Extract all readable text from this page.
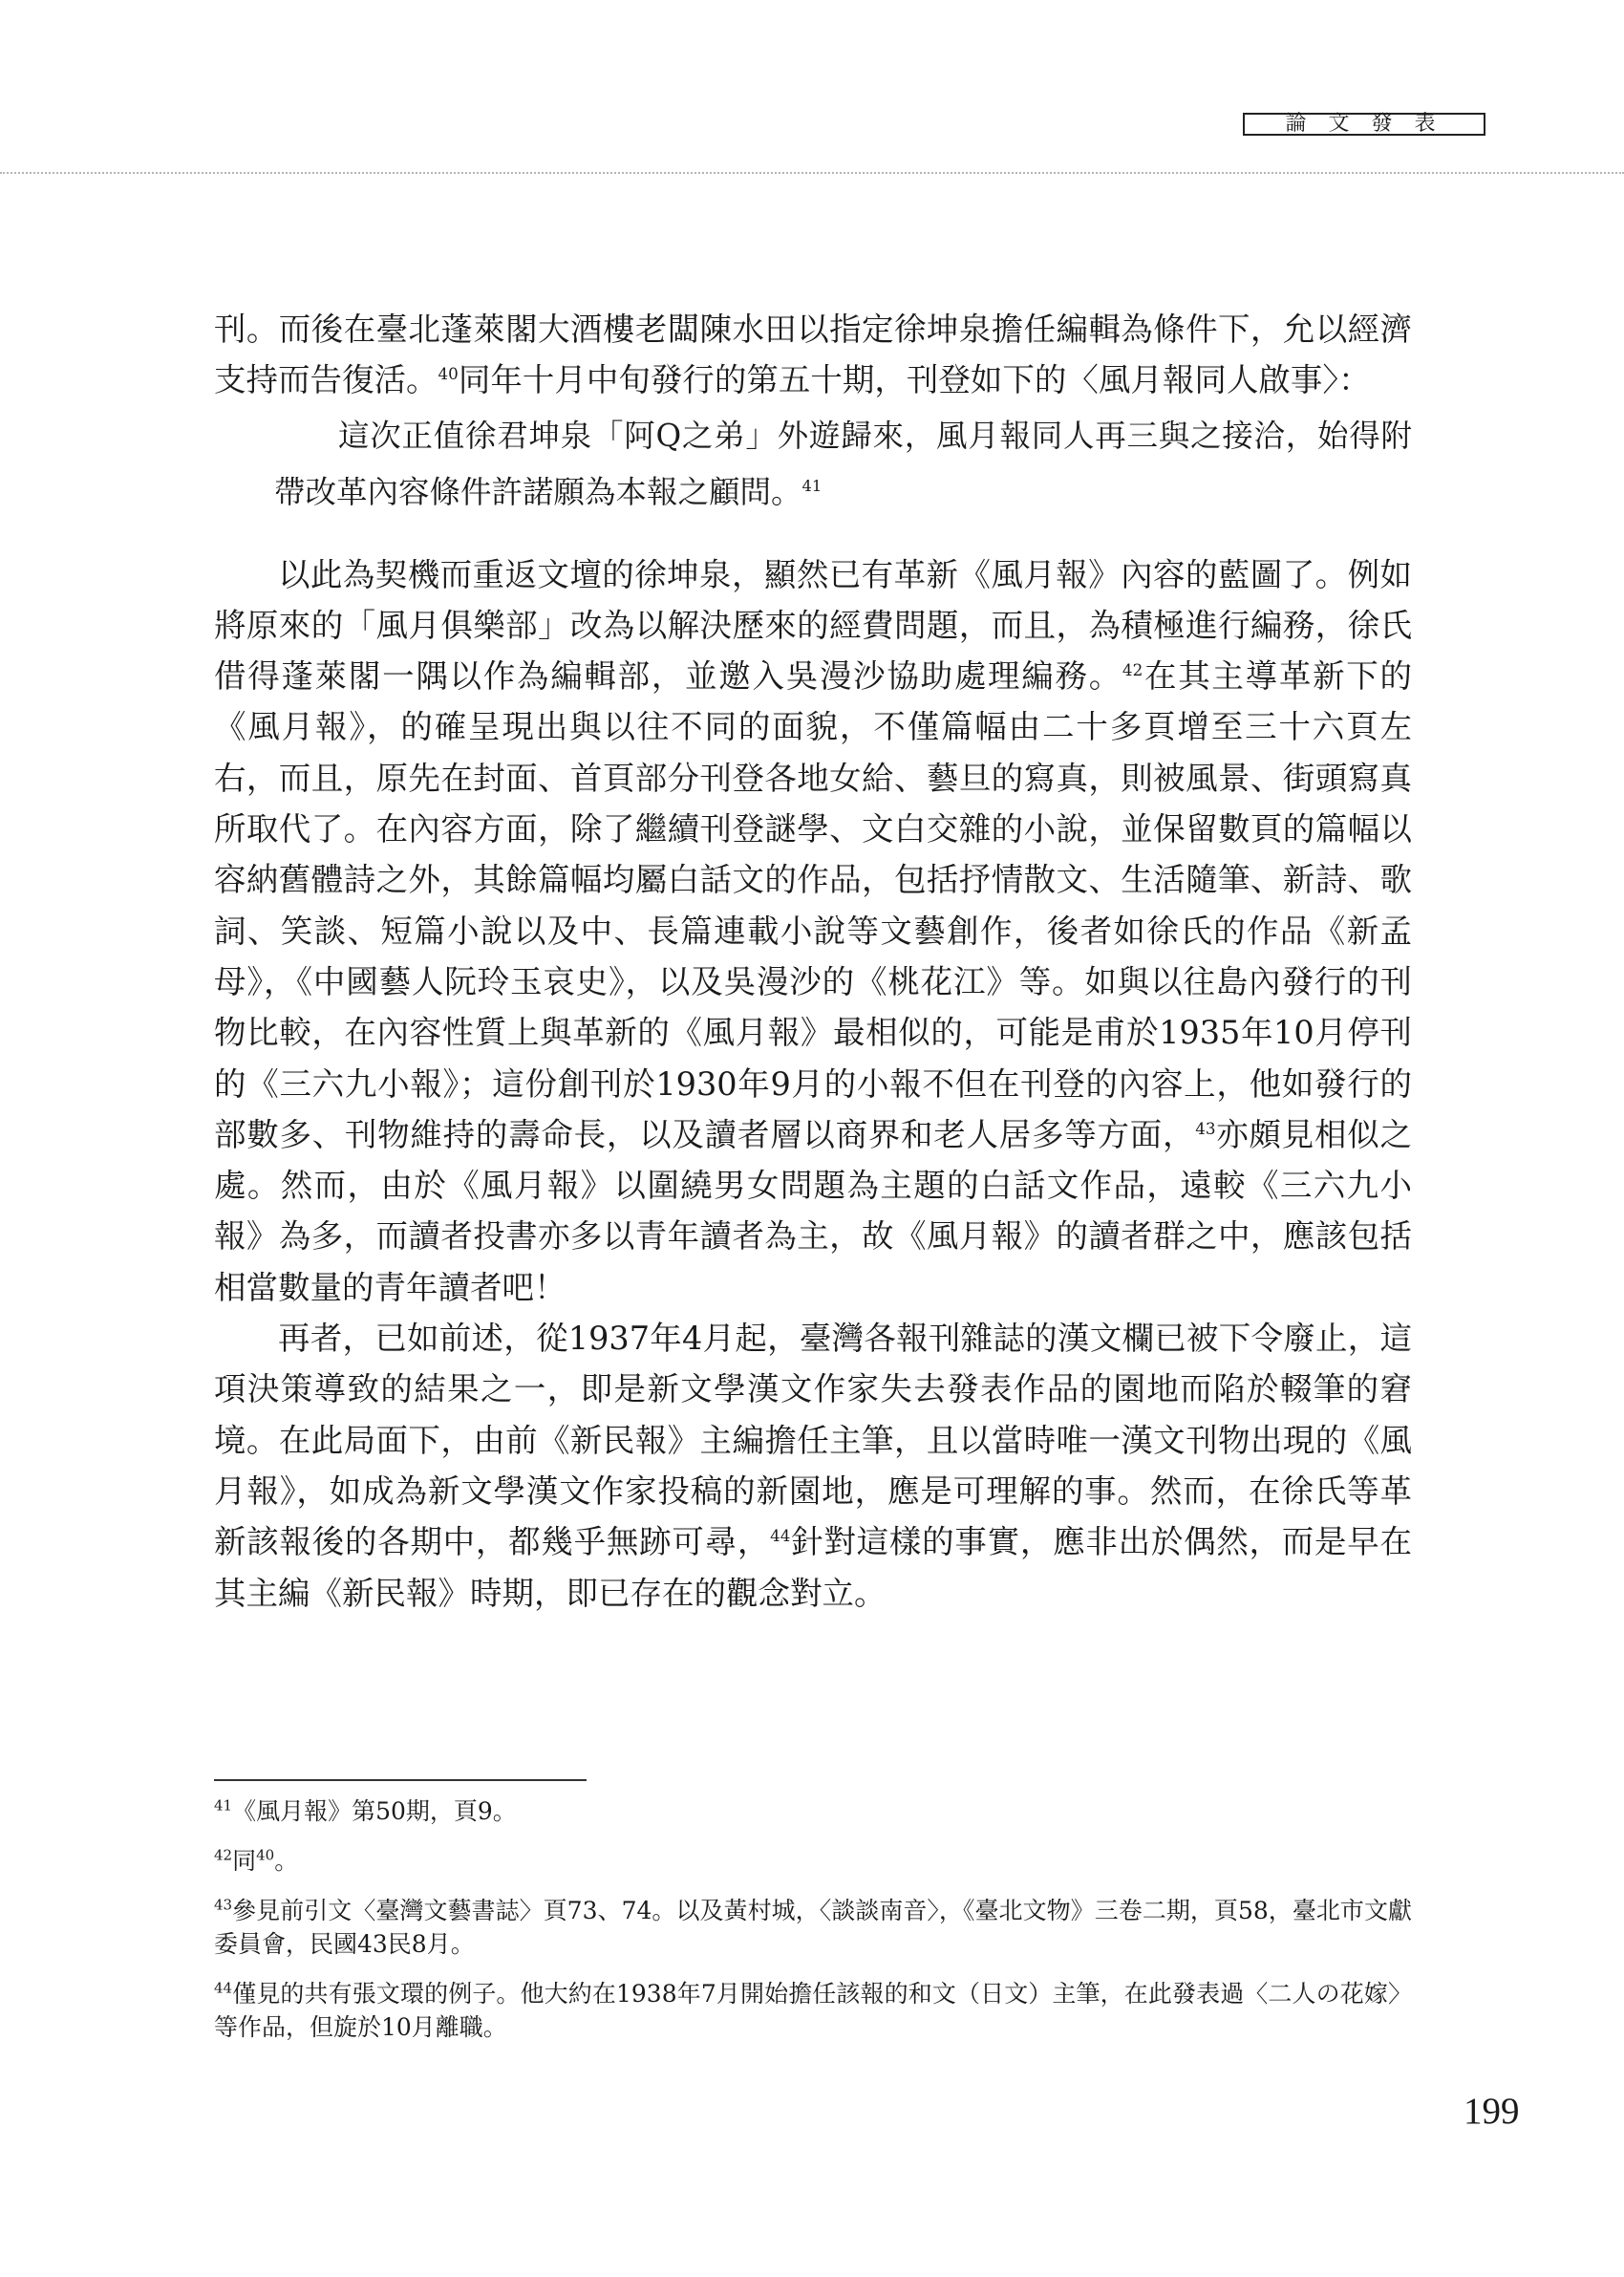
論 文 發 表

刊。而後在臺北蓬萊閣大酒樓老闆陳水田以指定徐坤泉擔任編輯為條件下，允以經濟支持而告復活。$^{40}$同年十月中旬發行的第五十期，刊登如下的〈風月報同人啟事〉：

這次正值徐君坤泉「阿Q之弟」外遊歸來，風月報同人再三與之接洽，始得附帶改革內容條件許諾願為本報之顧問。$^{41}$

以此為契機而重返文壇的徐坤泉，顯然已有革新《風月報》內容的藍圖了。例如將原來的「風月俱樂部」改為以解決歷來的經費問題，而且，為積極進行編務，徐氏借得蓬萊閣一隅以作為編輯部，並邀入吳漫沙協助處理編務。$^{42}$在其主導革新下的《風月報》，的確呈現出與以往不同的面貌，不僅篇幅由二十多頁增至三十六頁左右，而且，原先在封面、首頁部分刊登各地女給、藝旦的寫真，則被風景、街頭寫真所取代了。在內容方面，除了繼續刊登謎學、文白交雜的小說，並保留數頁的篇幅以容納舊體詩之外，其餘篇幅均屬白話文的作品，包括抒情散文、生活隨筆、新詩、歌詞、笑談、短篇小說以及中、長篇連載小說等文藝創作，後者如徐氏的作品《新孟母》，《中國藝人阮玲玉哀史》，以及吳漫沙的《桃花江》等。如與以往島內發行的刊物比較，在內容性質上與革新的《風月報》最相似的，可能是甫於1935年10月停刊的《三六九小報》；這份創刊於1930年9月的小報不但在刊登的內容上，他如發行的部數多、刊物維持的壽命長，以及讀者層以商界和老人居多等方面，$^{43}$亦頗見相似之處。然而，由於《風月報》以圍繞男女問題為主題的白話文作品，遠較《三六九小報》為多，而讀者投書亦多以青年讀者為主，故《風月報》的讀者群之中，應該包括相當數量的青年讀者吧！

再者，已如前述，從1937年4月起，臺灣各報刊雜誌的漢文欄已被下令廢止，這項決策導致的結果之一，即是新文學漢文作家失去發表作品的園地而陷於輟筆的窘境。在此局面下，由前《新民報》主編擔任主筆，且以當時唯一漢文刊物出現的《風月報》，如成為新文學漢文作家投稿的新園地，應是可理解的事。然而，在徐氏等革新該報後的各期中，都幾乎無跡可尋，$^{44}$針對這樣的事實，應非出於偶然，而是早在其主編《新民報》時期，即已存在的觀念對立。

$^{41}$《風月報》第50期，頁9。

$^{42}$同$^{40}$。

$^{43}$參見前引文〈臺灣文藝書誌〉頁73、74。以及黃村城，〈談談南音〉，《臺北文物》三卷二期，頁58，臺北市文獻委員會，民國43民8月。

$^{44}$僅見的共有張文環的例子。他大約在1938年7月開始擔任該報的和文（日文）主筆，在此發表過〈二人の花嫁〉等作品，但旋於10月離職。

199
